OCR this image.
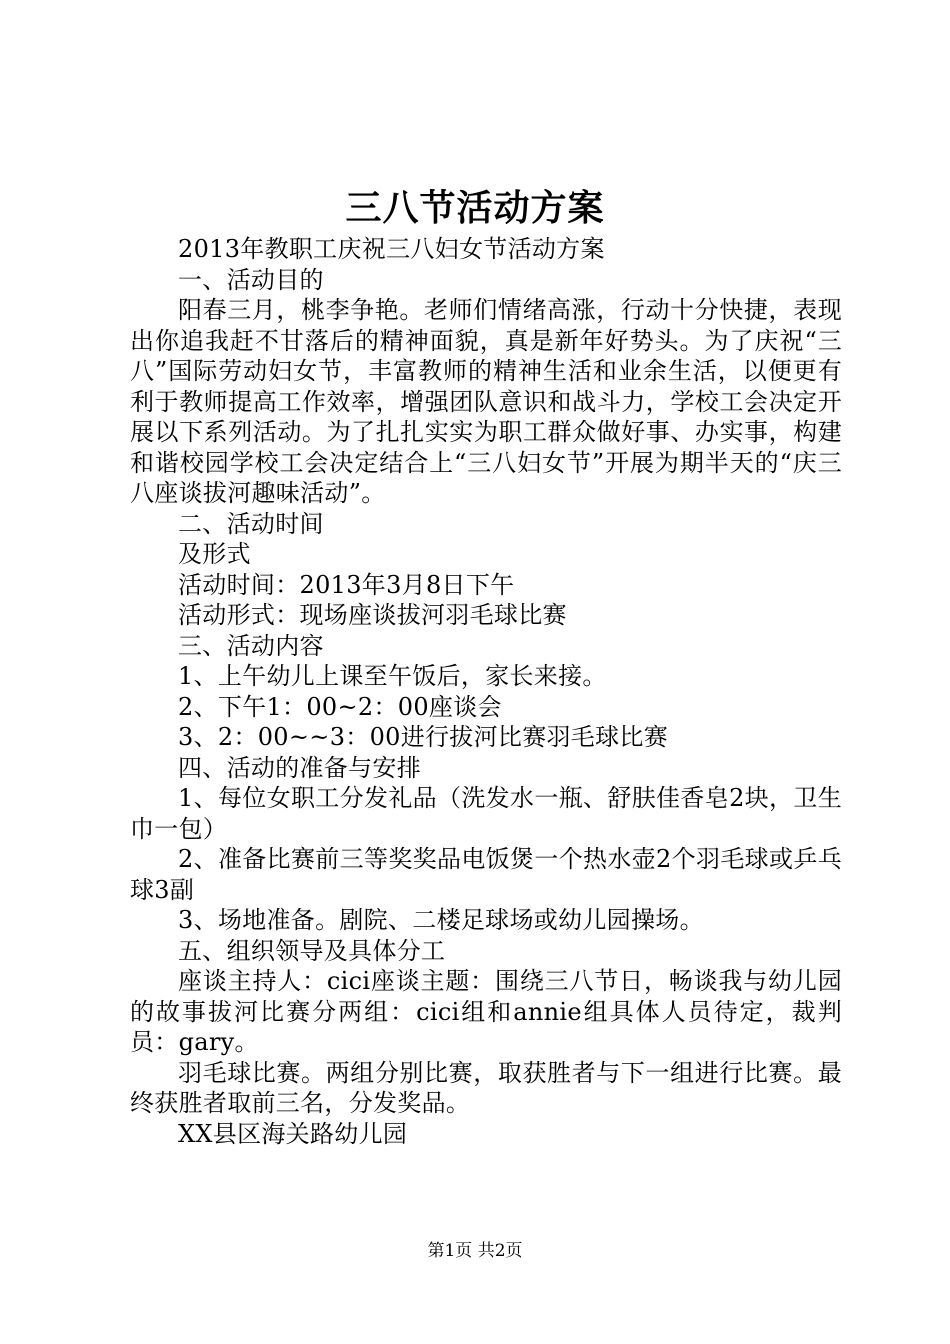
三八节活动方案

2013年教职工庆祝三八妇女节活动方案

一、活动目的

阳春三月，桃李争艳。老师们情绪高涨，行动十分快捷，表现出你追我赶不甘落后的精神面貌，真是新年好势头。为了庆祝“三八”国际劳动妇女节，丰富教师的精神生活和业余生活，以便更有利于教师提高工作效率，增强团队意识和战斗力，学校工会决定开展以下系列活动。为了扎扎实实为职工群众做好事、办实事，构建和谐校园学校工会决定结合上“三八妇女节”开展为期半天的“庆三八座谈拔河趣味活动”。

二、活动时间

及形式

活动时间：2013年3月8日下午

活动形式：现场座谈拔河羽毛球比赛

三、活动内容

1、上午幼儿上课至午饭后，家长来接。

2、下午1：00~2：00座谈会

3、2：00~~3：00进行拔河比赛羽毛球比赛

四、活动的准备与安排

1、每位女职工分发礼品（洗发水一瓶、舒肤佳香皂2块，卫生巾一包）

2、准备比赛前三等奖奖品电饭煲一个热水壶2个羽毛球或乒乓球3副

3、场地准备。剧院、二楼足球场或幼儿园操场。

五、组织领导及具体分工

座谈主持人：cici座谈主题：围绕三八节日，畅谈我与幼儿园的故事拔河比赛分两组：cici组和annie组具体人员待定，裁判员：gary。

羽毛球比赛。两组分别比赛，取获胜者与下一组进行比赛。最终获胜者取前三名，分发奖品。

XX县区海关路幼儿园

第1页 共2页
